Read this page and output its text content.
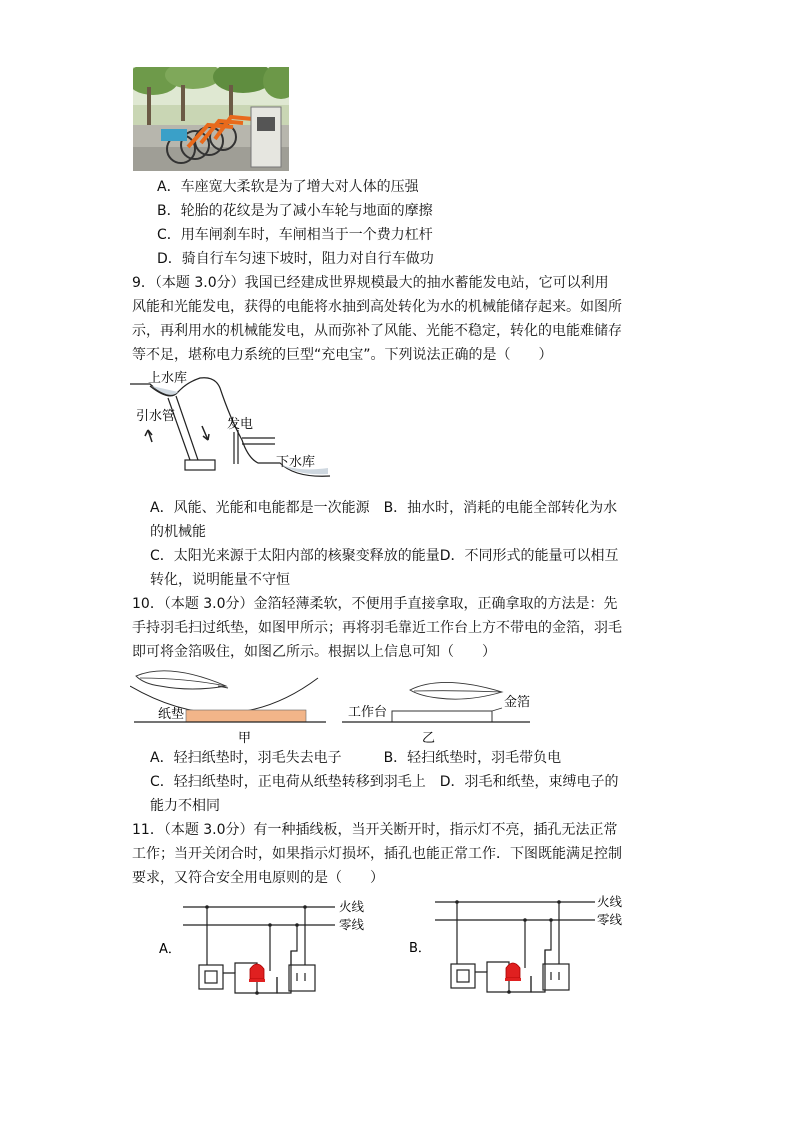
A．车座宽大柔软是为了增大对人体的压强
B．轮胎的花纹是为了减小车轮与地面的摩擦
C．用车闸刹车时，车闸相当于一个费力杠杆
D．骑自行车匀速下坡时，阻力对自行车做功
9．（本题 3.0分）我国已经建成世界规模最大的抽水蓄能发电站，它可以利用
风能和光能发电，获得的电能将水抽到高处转化为水的机械能储存起来。如图所
示，再利用水的机械能发电，从而弥补了风能、光能不稳定，转化的电能难储存
等不足，堪称电力系统的巨型“充电宝”。下列说法正确的是（　　）
上水库
引水管
发电
下水库
A．风能、光能和电能都是一次能源　B．抽水时，消耗的电能全部转化为水
的机械能
C．太阳光来源于太阳内部的核聚变释放的能量D．不同形式的能量可以相互
转化，说明能量不守恒
10．（本题 3.0分）金箔轻薄柔软，不便用手直接拿取，正确拿取的方法是：先
手持羽毛扫过纸垫，如图甲所示；再将羽毛靠近工作台上方不带电的金箔，羽毛
即可将金箔吸住，如图乙所示。根据以上信息可知（　　）
纸垫
甲
工作台
金箔
乙
A．轻扫纸垫时，羽毛失去电子　　　B．轻扫纸垫时，羽毛带负电
C．轻扫纸垫时，正电荷从纸垫转移到羽毛上　D．羽毛和纸垫，束缚电子的
能力不相同
11．（本题 3.0分）有一种插线板，当开关断开时，指示灯不亮，插孔无法正常
工作；当开关闭合时，如果指示灯损坏，插孔也能正常工作．下图既能满足控制
要求，又符合安全用电原则的是（　　）
A．
火线
零线
B．
火线
零线
